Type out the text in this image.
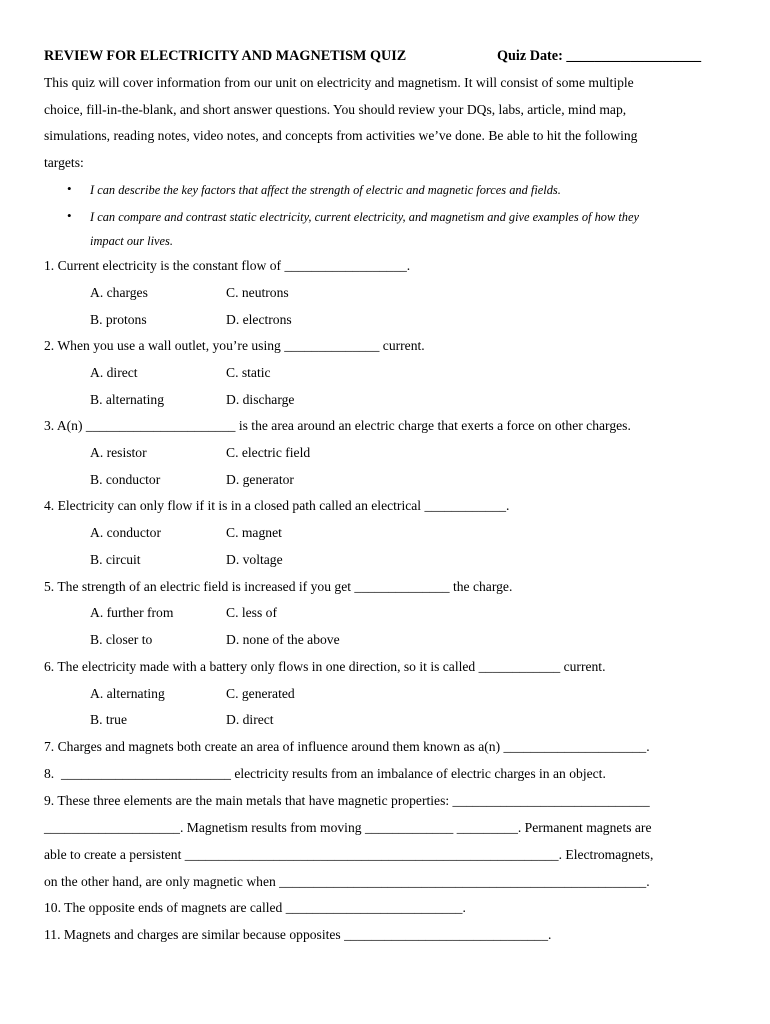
REVIEW FOR ELECTRICITY AND MAGNETISM QUIZ	Quiz Date: ___________________
This quiz will cover information from our unit on electricity and magnetism. It will consist of some multiple
choice, fill-in-the-blank, and short answer questions. You should review your DQs, labs, article, mind map,
simulations, reading notes, video notes, and concepts from activities we’ve done. Be able to hit the following
targets:
• I can describe the key factors that affect the strength of electric and magnetic forces and fields.
• I can compare and contrast static electricity, current electricity, and magnetism and give examples of how they
impact our lives.
1. Current electricity is the constant flow of __________________.
A. charges	C. neutrons
B. protons	D. electrons
2. When you use a wall outlet, you’re using ______________ current.
A. direct	C. static
B. alternating	D. discharge
3. A(n) ______________________ is the area around an electric charge that exerts a force on other charges.
A. resistor	C. electric field
B. conductor	D. generator
4. Electricity can only flow if it is in a closed path called an electrical ____________.
A. conductor	C. magnet
B. circuit	D. voltage
5. The strength of an electric field is increased if you get ______________ the charge.
A. further from	C. less of
B. closer to	D. none of the above
6. The electricity made with a battery only flows in one direction, so it is called ____________ current.
A. alternating	C. generated
B. true	D. direct
7. Charges and magnets both create an area of influence around them known as a(n) _____________________.
8.  _________________________ electricity results from an imbalance of electric charges in an object.
9. These three elements are the main metals that have magnetic properties: _____________________________
____________________. Magnetism results from moving _____________ _________. Permanent magnets are
able to create a persistent _______________________________________________________. Electromagnets,
on the other hand, are only magnetic when ______________________________________________________.
10. The opposite ends of magnets are called __________________________.
11. Magnets and charges are similar because opposites ______________________________.
